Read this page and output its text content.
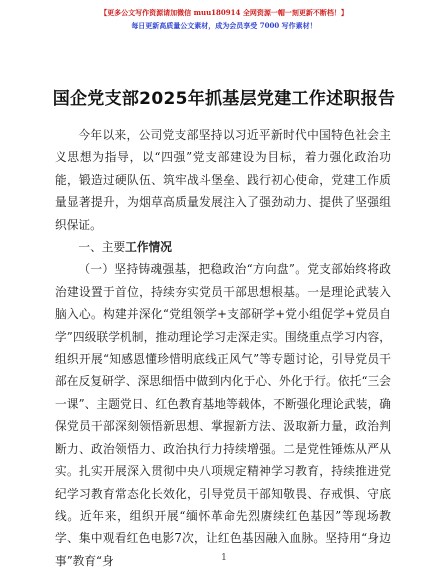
【更多公文写作资源请加微信 muu180914 全网资源一帽一刻更新不断档！】
每日更新高质量公文素材，成为会员享受 7000 写作素材！
国企党支部2025年抓基层党建工作述职报告

今年以来，公司党支部坚持以习近平新时代中国特色社会主义思想为指导，以“四强”党支部建设为目标，着力强化政治功能，锻造过硬队伍、筑牢战斗堡垒、践行初心使命，党建工作质量显著提升，为烟草高质量发展注入了强劲动力、提供了坚强组织保证。

一、主要工作情况

（一）坚持铸魂强基，把稳政治“方向盘”。党支部始终将政治建设置于首位，持续夯实党员干部思想根基。一是理论武装入脑入心。构建并深化“党组领学+支部研学+党小组促学+党员自学”四级联学机制，推动理论学习走深走实。围绕重点学习内容，组织开展“知感恩懂珍惜明底线正风气”等专题讨论，引导党员干部在反复研学、深思细悟中做到内化于心、外化于行。依托“三会一课”、主题党日、红色教育基地等载体，不断强化理论武装，确保党员干部深刻领悟新思想、掌握新方法、汲取新力量，政治判断力、政治领悟力、政治执行力持续增强。二是党性锤炼从严从实。扎实开展深入贯彻中央八项规定精神学习教育，持续推进党纪学习教育常态化长效化，引导党员干部知敬畏、存戒惧、守底线。近年来，组织开展“缅怀革命先烈赓续红色基因”等现场教学、集中观看红色电影7次，让红色基因融入血脉。坚持用“身边事”教育“身	1
